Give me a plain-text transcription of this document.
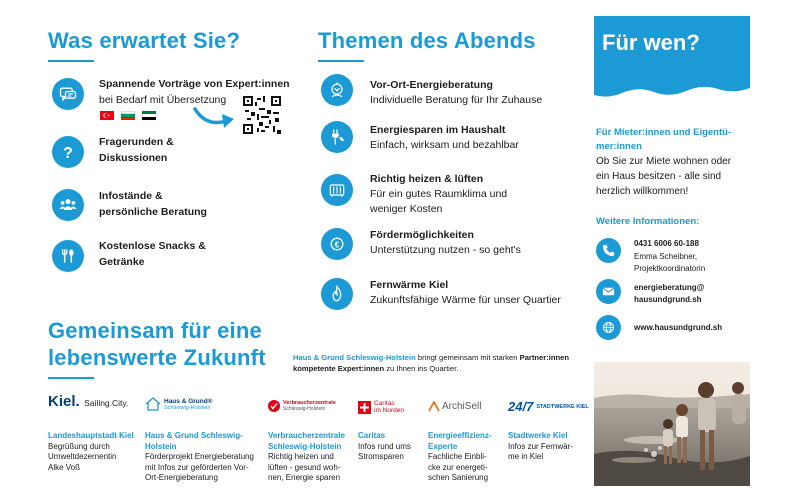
Was erwartet Sie?
Spannende Vorträge von Expert:innen
bei Bedarf mit Übersetzung
?
Fragerunden &
Diskussionen
Infostände &
persönliche Beratung
Kostenlose Snacks &
Getränke
Themen des Abends
Vor-Ort-Energieberatung
Individuelle Beratung für Ihr Zuhause
Energiesparen im Haushalt
Einfach, wirksam und bezahlbar
Richtig heizen & lüften
Für ein gutes Raumklima und
weniger Kosten
€
Fördermöglichkeiten
Unterstützung nutzen - so geht's
Fernwärme Kiel
Zukunftsfähige Wärme für unser Quartier
Für wen?
Für Mieter:innen und Eigentü-
mer:innen
Ob Sie zur Miete wohnen oder
ein Haus besitzen - alle sind
herzlich willkommen!
Weitere Informationen:
0431 6006 60-188
Emma Scheibner,
Projektkoordinatorin
energieberatung@
hausundgrund.sh
www.hausundgrund.sh
Gemeinsam für eine
lebenswerte Zukunft	Haus & Grund Schleswig-Holstein bringt gemeinsam mit starken Partner:innen
kompetente Expert:innen zu Ihnen ins Quartier.
Kiel. Sailing.City.	Haus & Grund®
Schleswig-Holstein
Verbraucherzentrale
Schleswig-Holstein
Caritas
im Norden	ArchiSell 24/7 STADTWERKE KIEL
Landeshauptstadt Kiel
Begrüßung durch
Umweltdezernentin
Alke Voß
Haus & Grund Schleswig-
Holstein
Förderprojekt Energieberatung
mit Infos zur geförderten Vor-
Ort-Energieberatung
Verbraucherzentrale
Schleswig-Holstein
Richtig heizen und
lüften - gesund woh-
nen, Energie sparen
Caritas
Infos rund ums
Stromsparen
Energieeffizienz-
Experte
Fachliche Einbli-
cke zur energeti-
schen Sanierung
Stadtwerke Kiel
Infos zur Fernwär-
me in Kiel
